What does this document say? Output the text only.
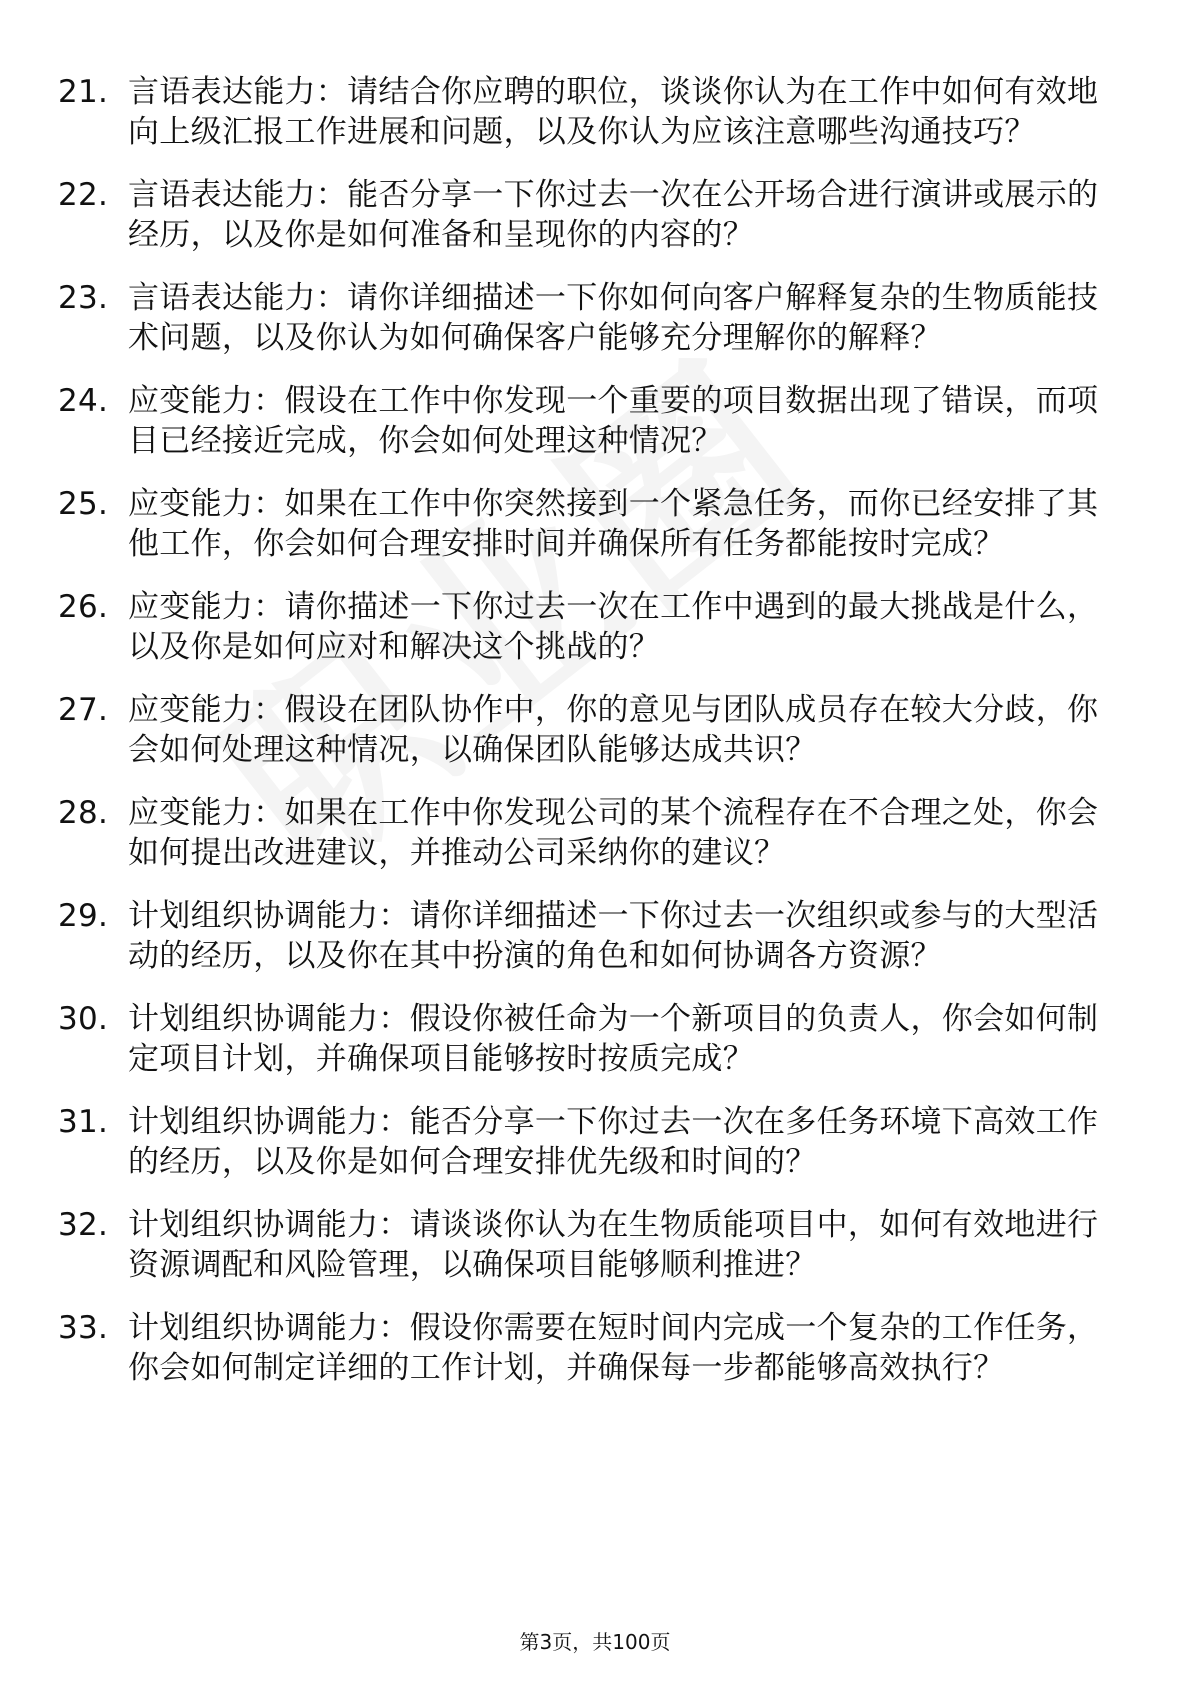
21. 言语表达能力：请结合你应聘的职位，谈谈你认为在工作中如何有效地向上级汇报工作进展和问题，以及你认为应该注意哪些沟通技巧？
22. 言语表达能力：能否分享一下你过去一次在公开场合进行演讲或展示的经历，以及你是如何准备和呈现你的内容的？
23. 言语表达能力：请你详细描述一下你如何向客户解释复杂的生物质能技术问题，以及你认为如何确保客户能够充分理解你的解释？
24. 应变能力：假设在工作中你发现一个重要的项目数据出现了错误，而项目已经接近完成，你会如何处理这种情况？
25. 应变能力：如果在工作中你突然接到一个紧急任务，而你已经安排了其他工作，你会如何合理安排时间并确保所有任务都能按时完成？
26. 应变能力：请你描述一下你过去一次在工作中遇到的最大挑战是什么，以及你是如何应对和解决这个挑战的？
27. 应变能力：假设在团队协作中，你的意见与团队成员存在较大分歧，你会如何处理这种情况，以确保团队能够达成共识？
28. 应变能力：如果在工作中你发现公司的某个流程存在不合理之处，你会如何提出改进建议，并推动公司采纳你的建议？
29. 计划组织协调能力：请你详细描述一下你过去一次组织或参与的大型活动的经历，以及你在其中扮演的角色和如何协调各方资源？
30. 计划组织协调能力：假设你被任命为一个新项目的负责人，你会如何制定项目计划，并确保项目能够按时按质完成？
31. 计划组织协调能力：能否分享一下你过去一次在多任务环境下高效工作的经历，以及你是如何合理安排优先级和时间的？
32. 计划组织协调能力：请谈谈你认为在生物质能项目中，如何有效地进行资源调配和风险管理，以确保项目能够顺利推进？
33. 计划组织协调能力：假设你需要在短时间内完成一个复杂的工作任务，你会如何制定详细的工作计划，并确保每一步都能够高效执行？
第3页，共100页
